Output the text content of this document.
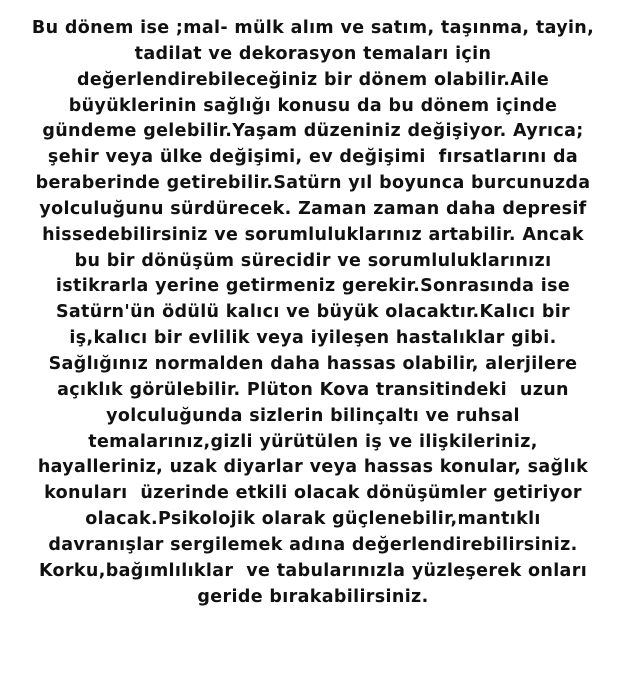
Bu dönem ise ;mal- mülk alım ve satım, taşınma, tayin,
tadilat ve dekorasyon temaları için
değerlendirebileceğiniz bir dönem olabilir.Aile
büyüklerinin sağlığı konusu da bu dönem içinde
gündeme gelebilir.Yaşam düzeniniz değişiyor. Ayrıca;
şehir veya ülke değişimi, ev değişimi  fırsatlarını da
beraberinde getirebilir.Satürn yıl boyunca burcunuzda
yolculuğunu sürdürecek. Zaman zaman daha depresif
hissedebilirsiniz ve sorumluluklarınız artabilir. Ancak
bu bir dönüşüm sürecidir ve sorumluluklarınızı
istikrarla yerine getirmeniz gerekir.Sonrasında ise
Satürn'ün ödülü kalıcı ve büyük olacaktır.Kalıcı bir
iş,kalıcı bir evlilik veya iyileşen hastalıklar gibi.
Sağlığınız normalden daha hassas olabilir, alerjilere
açıklık görülebilir. Plüton Kova transitindeki  uzun
yolculuğunda sizlerin bilinçaltı ve ruhsal
temalarınız,gizli yürütülen iş ve ilişkileriniz,
hayalleriniz, uzak diyarlar veya hassas konular, sağlık
konuları  üzerinde etkili olacak dönüşümler getiriyor
olacak.Psikolojik olarak güçlenebilir,mantıklı
davranışlar sergilemek adına değerlendirebilirsiniz.
Korku,bağımlılıklar  ve tabularınızla yüzleşerek onları
geride bırakabilirsiniz.
